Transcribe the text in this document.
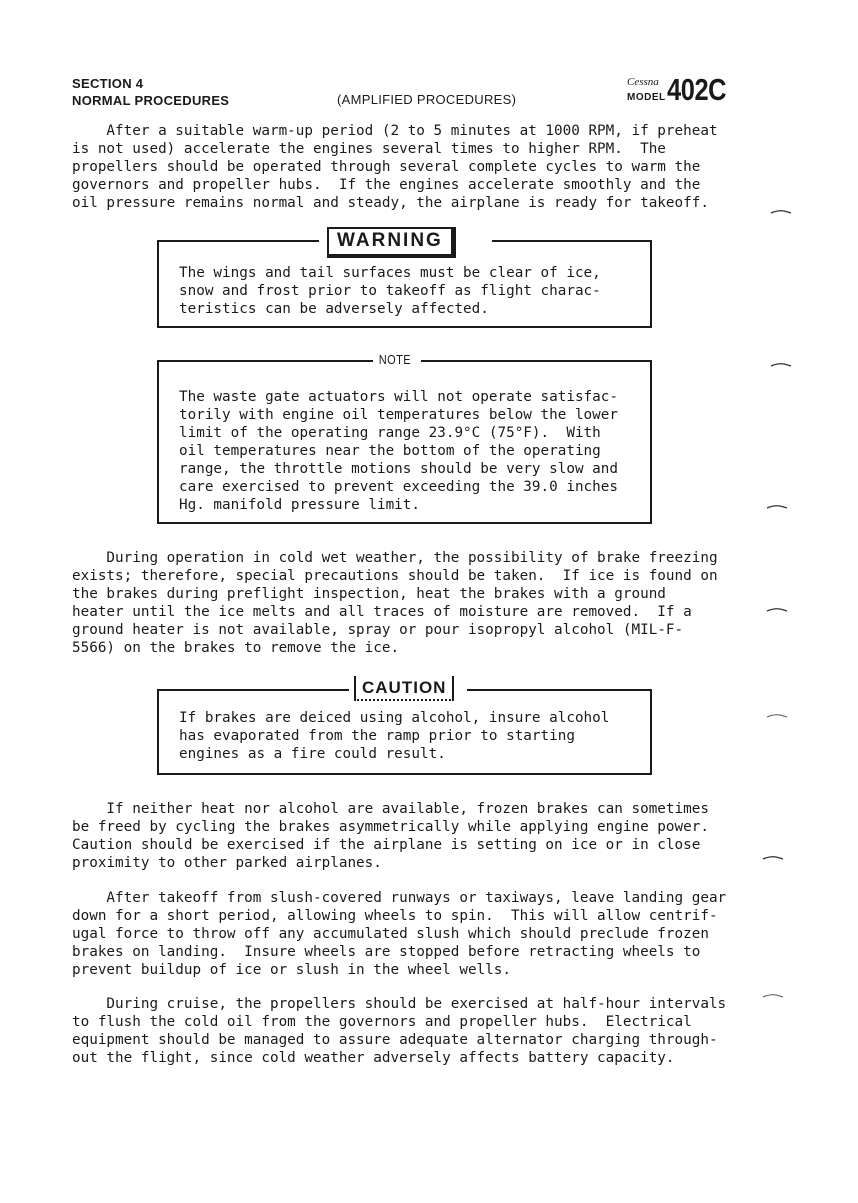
SECTION 4
NORMAL PROCEDURES	(AMPLIFIED PROCEDURES)
Cessna
MODEL 402C
After a suitable warm-up period (2 to 5 minutes at 1000 RPM, if preheat
is not used) accelerate the engines several times to higher RPM.  The
propellers should be operated through several complete cycles to warm the
governors and propeller hubs.  If the engines accelerate smoothly and the
oil pressure remains normal and steady, the airplane is ready for takeoff.
WARNING
The wings and tail surfaces must be clear of ice,
snow and frost prior to takeoff as flight charac-
teristics can be adversely affected.
NOTE
The waste gate actuators will not operate satisfac-
torily with engine oil temperatures below the lower
limit of the operating range 23.9°C (75°F).  With
oil temperatures near the bottom of the operating
range, the throttle motions should be very slow and
care exercised to prevent exceeding the 39.0 inches
Hg. manifold pressure limit.
During operation in cold wet weather, the possibility of brake freezing
exists; therefore, special precautions should be taken.  If ice is found on
the brakes during preflight inspection, heat the brakes with a ground
heater until the ice melts and all traces of moisture are removed.  If a
ground heater is not available, spray or pour isopropyl alcohol (MIL-F-
5566) on the brakes to remove the ice.
CAUTION
If brakes are deiced using alcohol, insure alcohol
has evaporated from the ramp prior to starting
engines as a fire could result.
If neither heat nor alcohol are available, frozen brakes can sometimes
be freed by cycling the brakes asymmetrically while applying engine power.
Caution should be exercised if the airplane is setting on ice or in close
proximity to other parked airplanes.
After takeoff from slush-covered runways or taxiways, leave landing gear
down for a short period, allowing wheels to spin.  This will allow centrif-
ugal force to throw off any accumulated slush which should preclude frozen
brakes on landing.  Insure wheels are stopped before retracting wheels to
prevent buildup of ice or slush in the wheel wells.
During cruise, the propellers should be exercised at half-hour intervals
to flush the cold oil from the governors and propeller hubs.  Electrical
equipment should be managed to assure adequate alternator charging through-
out the flight, since cold weather adversely affects battery capacity.
